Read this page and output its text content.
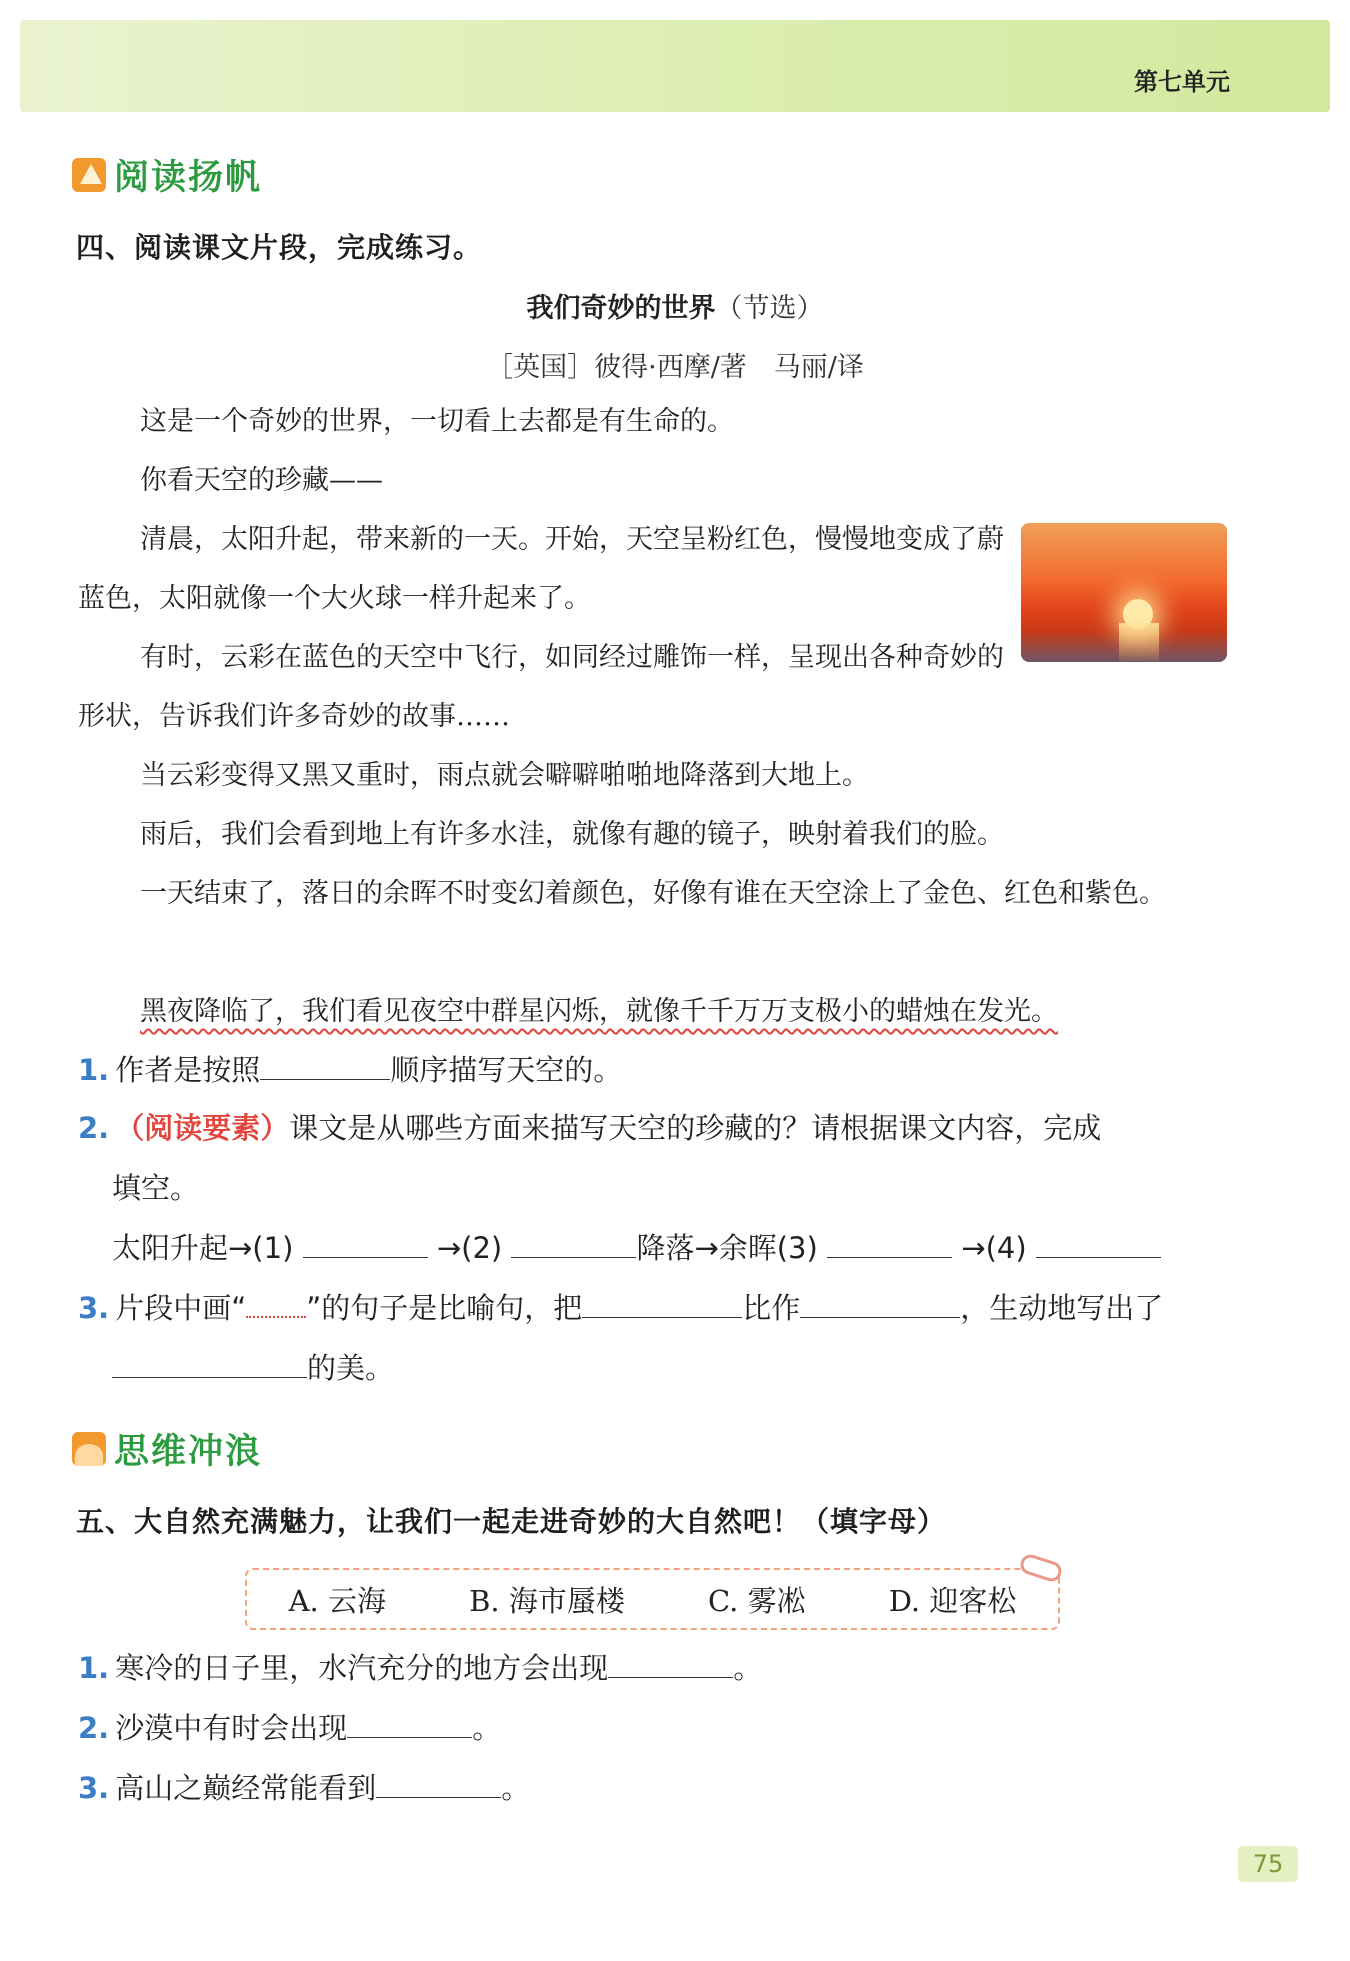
第七单元
阅读扬帆
四、阅读课文片段，完成练习。
我们奇妙的世界（节选）
［英国］彼得·西摩/著　马丽/译
这是一个奇妙的世界，一切看上去都是有生命的。
你看天空的珍藏——
清晨，太阳升起，带来新的一天。开始，天空呈粉红色，慢慢地变成了蔚蓝色，太阳就像一个大火球一样升起来了。
有时，云彩在蓝色的天空中飞行，如同经过雕饰一样，呈现出各种奇妙的形状，告诉我们许多奇妙的故事……
当云彩变得又黑又重时，雨点就会噼噼啪啪地降落到大地上。
雨后，我们会看到地上有许多水洼，就像有趣的镜子，映射着我们的脸。
一天结束了，落日的余晖不时变幻着颜色，好像有谁在天空涂上了金色、红色和紫色。
黑夜降临了，我们看见夜空中群星闪烁，就像千千万万支极小的蜡烛在发光。
1. 作者是按照	顺序描写天空的。
2. （阅读要素）课文是从哪些方面来描写天空的珍藏的？请根据课文内容，完成
填空。
太阳升起→(1)	→(2)	降落→余晖(3)	→(4)
3. 片段中画“ ”的句子是比喻句，把	比作	，生动地写出了
的美。
思维冲浪
五、大自然充满魅力，让我们一起走进奇妙的大自然吧！（填字母）
A. 云海	B. 海市蜃楼	C. 雾凇	D. 迎客松
1. 寒冷的日子里，水汽充分的地方会出现	。
2. 沙漠中有时会出现	。
3. 高山之巅经常能看到	。
75
